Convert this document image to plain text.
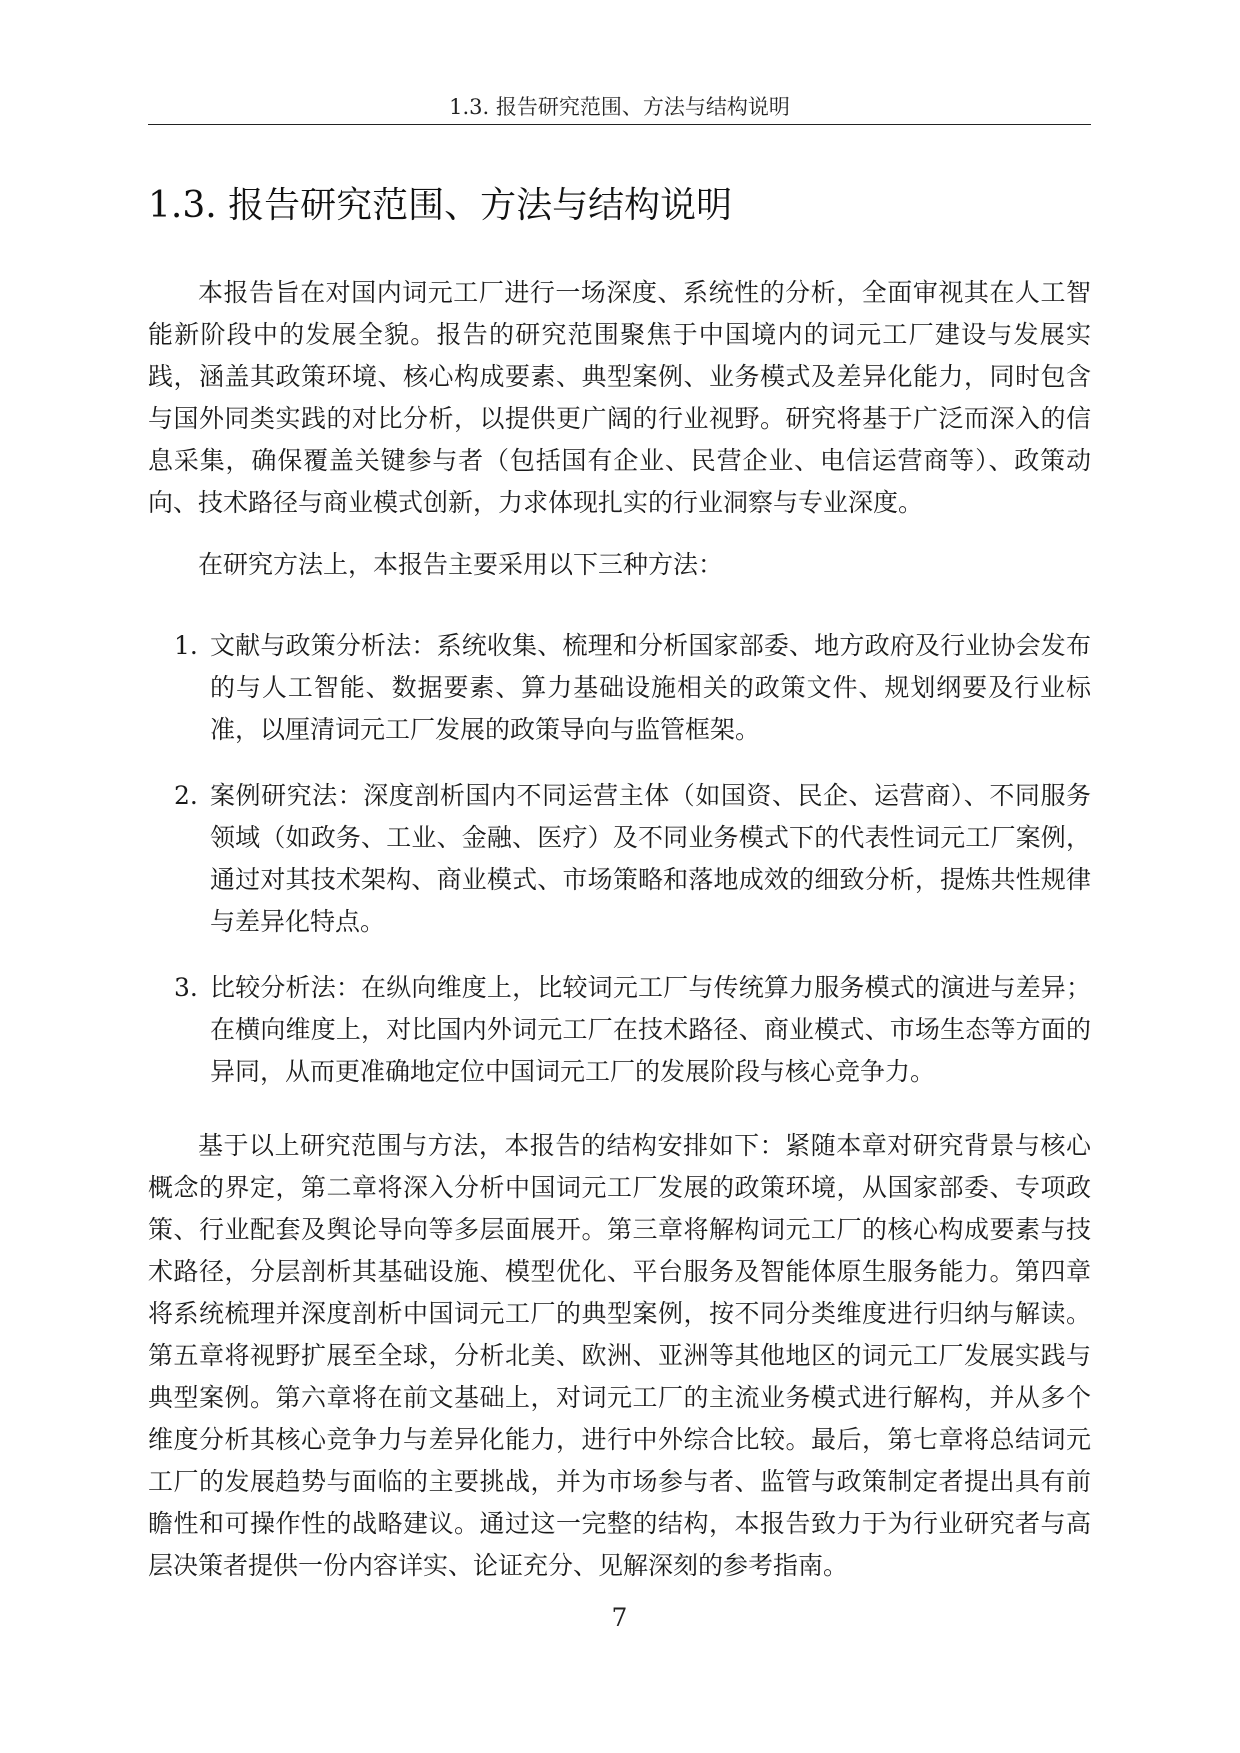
1.3. 报告研究范围、方法与结构说明
1.3. 报告研究范围、方法与结构说明

本报告旨在对国内词元工厂进行一场深度、系统性的分析，全面审视其在人工智能新阶段中的发展全貌。报告的研究范围聚焦于中国境内的词元工厂建设与发展实践，涵盖其政策环境、核心构成要素、典型案例、业务模式及差异化能力，同时包含与国外同类实践的对比分析，以提供更广阔的行业视野。研究将基于广泛而深入的信息采集，确保覆盖关键参与者（包括国有企业、民营企业、电信运营商等）、政策动向、技术路径与商业模式创新，力求体现扎实的行业洞察与专业深度。

在研究方法上，本报告主要采用以下三种方法：

1. 文献与政策分析法：系统收集、梳理和分析国家部委、地方政府及行业协会发布的与人工智能、数据要素、算力基础设施相关的政策文件、规划纲要及行业标准，以厘清词元工厂发展的政策导向与监管框架。
2. 案例研究法：深度剖析国内不同运营主体（如国资、民企、运营商）、不同服务领域（如政务、工业、金融、医疗）及不同业务模式下的代表性词元工厂案例，通过对其技术架构、商业模式、市场策略和落地成效的细致分析，提炼共性规律与差异化特点。
3. 比较分析法：在纵向维度上，比较词元工厂与传统算力服务模式的演进与差异；在横向维度上，对比国内外词元工厂在技术路径、商业模式、市场生态等方面的异同，从而更准确地定位中国词元工厂的发展阶段与核心竞争力。

基于以上研究范围与方法，本报告的结构安排如下：紧随本章对研究背景与核心概念的界定，第二章将深入分析中国词元工厂发展的政策环境，从国家部委、专项政策、行业配套及舆论导向等多层面展开。第三章将解构词元工厂的核心构成要素与技术路径，分层剖析其基础设施、模型优化、平台服务及智能体原生服务能力。第四章将系统梳理并深度剖析中国词元工厂的典型案例，按不同分类维度进行归纳与解读。第五章将视野扩展至全球，分析北美、欧洲、亚洲等其他地区的词元工厂发展实践与典型案例。第六章将在前文基础上，对词元工厂的主流业务模式进行解构，并从多个维度分析其核心竞争力与差异化能力，进行中外综合比较。最后，第七章将总结词元工厂的发展趋势与面临的主要挑战，并为市场参与者、监管与政策制定者提出具有前瞻性和可操作性的战略建议。通过这一完整的结构，本报告致力于为行业研究者与高层决策者提供一份内容详实、论证充分、见解深刻的参考指南。

7
